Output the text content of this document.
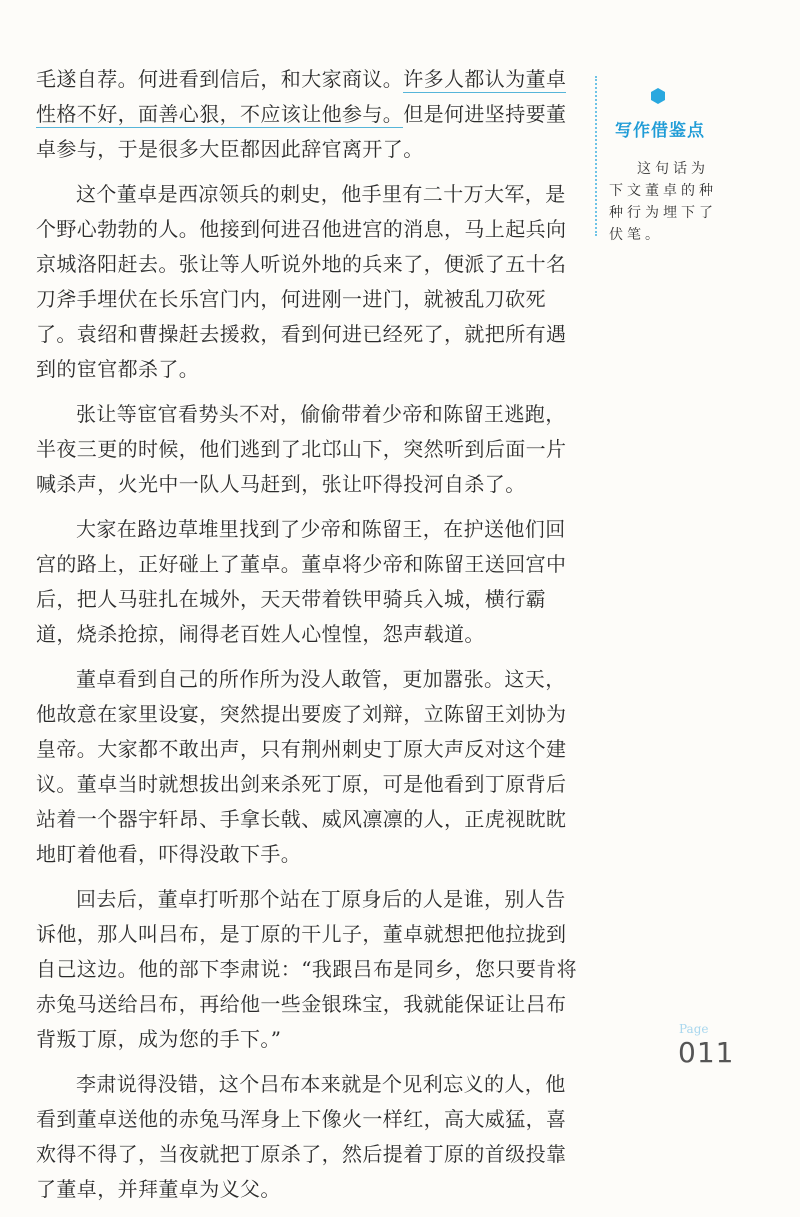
毛遂自荐。何进看到信后，和大家商议。许多人都认为董卓性格不好，面善心狠，不应该让他参与。但是何进坚持要董卓参与，于是很多大臣都因此辞官离开了。

这个董卓是西凉领兵的刺史，他手里有二十万大军，是个野心勃勃的人。他接到何进召他进宫的消息，马上起兵向京城洛阳赶去。张让等人听说外地的兵来了，便派了五十名刀斧手埋伏在长乐宫门内，何进刚一进门，就被乱刀砍死了。袁绍和曹操赶去援救，看到何进已经死了，就把所有遇到的宦官都杀了。

张让等宦官看势头不对，偷偷带着少帝和陈留王逃跑，半夜三更的时候，他们逃到了北邙山下，突然听到后面一片喊杀声，火光中一队人马赶到，张让吓得投河自杀了。

大家在路边草堆里找到了少帝和陈留王，在护送他们回宫的路上，正好碰上了董卓。董卓将少帝和陈留王送回宫中后，把人马驻扎在城外，天天带着铁甲骑兵入城，横行霸道，烧杀抢掠，闹得老百姓人心惶惶，怨声载道。

董卓看到自己的所作所为没人敢管，更加嚣张。这天，他故意在家里设宴，突然提出要废了刘辩，立陈留王刘协为皇帝。大家都不敢出声，只有荆州刺史丁原大声反对这个建议。董卓当时就想拔出剑来杀死丁原，可是他看到丁原背后站着一个器宇轩昂、手拿长戟、威风凛凛的人，正虎视眈眈地盯着他看，吓得没敢下手。

回去后，董卓打听那个站在丁原身后的人是谁，别人告诉他，那人叫吕布，是丁原的干儿子，董卓就想把他拉拢到自己这边。他的部下李肃说：“我跟吕布是同乡，您只要肯将赤兔马送给吕布，再给他一些金银珠宝，我就能保证让吕布背叛丁原，成为您的手下。”

李肃说得没错，这个吕布本来就是个见利忘义的人，他看到董卓送他的赤兔马浑身上下像火一样红，高大威猛，喜欢得不得了，当夜就把丁原杀了，然后提着丁原的首级投靠了董卓，并拜董卓为义父。

写作借鉴点
这句话为下文董卓的种种行为埋下了伏笔。
Page
011
